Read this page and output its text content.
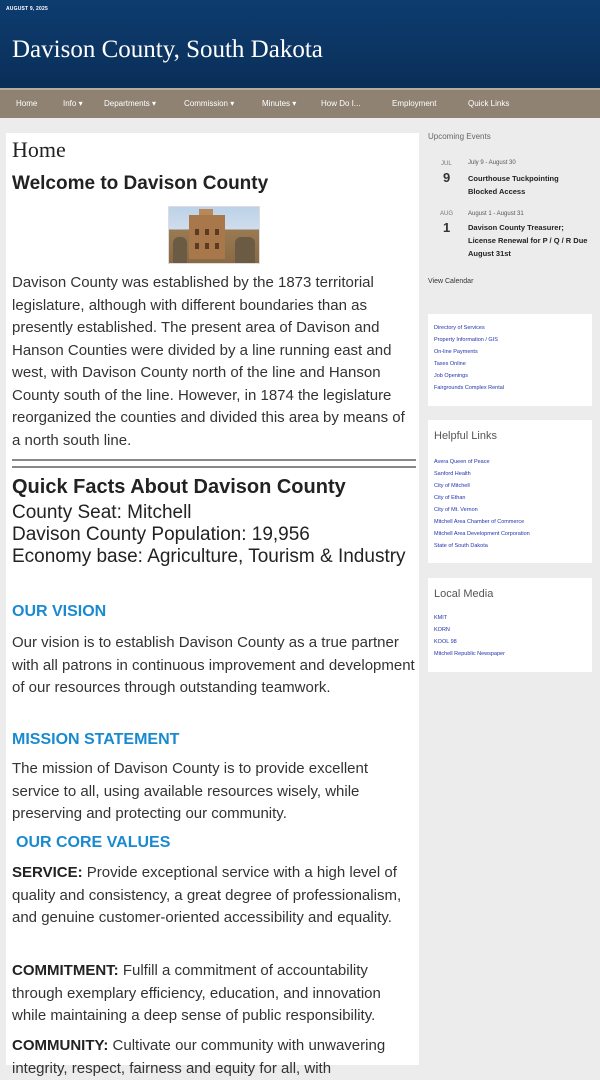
AUGUST 9, 2025
Davison County, South Dakota
Home	Info ▾	Departments ▾	Commission ▾	Minutes ▾	How Do I...	Employment	Quick Links
Home
Welcome to Davison County

Davison County was established by the 1873 territorial legislature, although with different boundaries than as presently established. The present area of Davison and Hanson Counties were divided by a line running east and west, with Davison County north of the line and Hanson County south of the line. However, in 1874 the legislature reorganized the counties and divided this area by means of a north south line.

Quick Facts About Davison County
County Seat: Mitchell
Davison County Population: 19,956
Economy base: Agriculture, Tourism & Industry
OUR VISION

Our vision is to establish Davison County as a true partner with all patrons in continuous improvement and development of our resources through outstanding teamwork.

MISSION STATEMENT

The mission of Davison County is to provide excellent service to all, using available resources wisely, while preserving and protecting our community.

OUR CORE VALUES

SERVICE: Provide exceptional service with a high level of quality and consistency, a great degree of professionalism, and genuine customer-oriented accessibility and equality.

COMMITMENT: Fulfill a commitment of accountability through exemplary efficiency, education, and innovation while maintaining a deep sense of public responsibility.

COMMUNITY: Cultivate our community with unwavering integrity, respect, fairness and equity for all, with

Upcoming Events
JUL
9
July 9 - August 30
Courthouse Tuckpointing Blocked Access
AUG
1
August 1 - August 31
Davison County Treasurer; License Renewal for P / Q / R Due August 31st
View Calendar
Directory of Services
Property Information / GIS
On-line Payments
Taxes Online
Job Openings
Fairgrounds Complex Rental
Helpful Links
Avera Queen of Peace
Sanford Health
City of Mitchell
City of Ethan
City of Mt. Vernon
Mitchell Area Chamber of Commerce
Mitchell Area Development Corporation
State of South Dakota
Local Media
KMIT
KORN
KOOL 98
Mitchell Republic Newspaper
